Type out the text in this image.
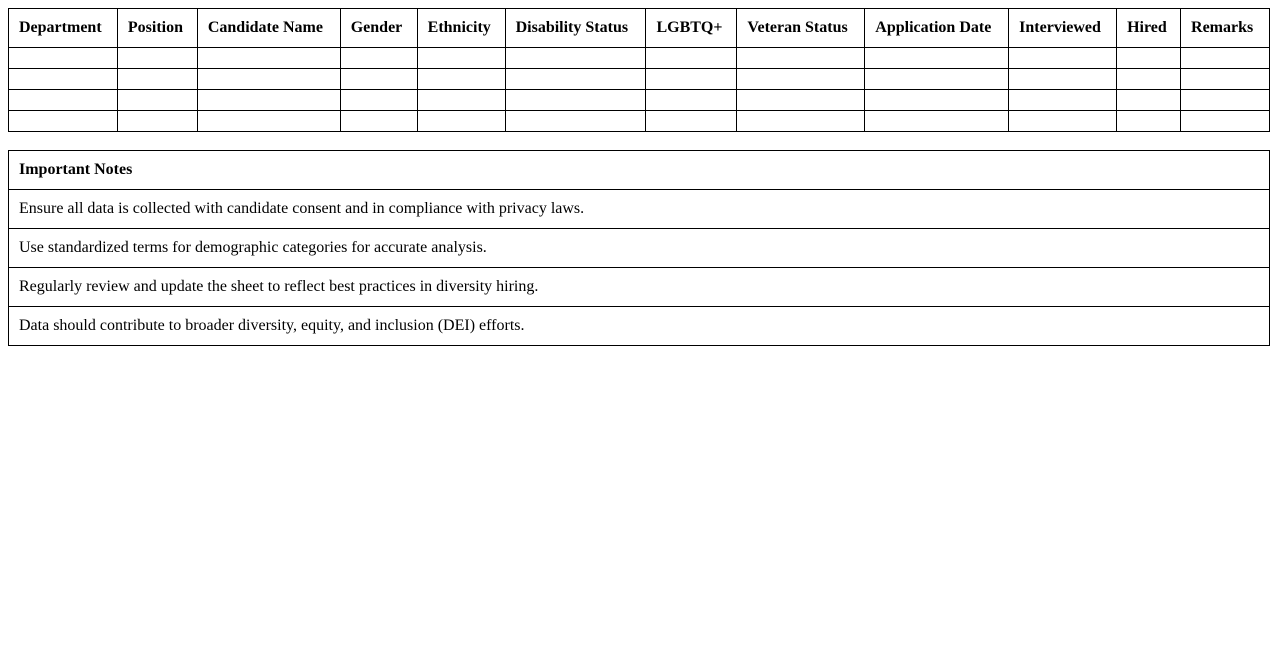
Department	Position	Candidate Name	Gender	Ethnicity	Disability Status	LGBTQ+	Veteran Status	Application Date	Interviewed	Hired	Remarks

Important Notes
Ensure all data is collected with candidate consent and in compliance with privacy laws.
Use standardized terms for demographic categories for accurate analysis.
Regularly review and update the sheet to reflect best practices in diversity hiring.
Data should contribute to broader diversity, equity, and inclusion (DEI) efforts.
